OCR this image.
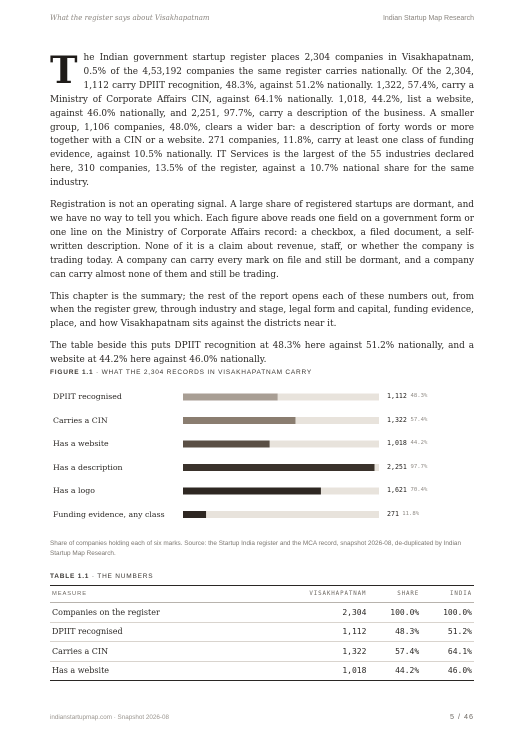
What the register says about Visakhapatnam	Indian Startup Map Research

The Indian government startup register places 2,304 companies in Visakhapatnam, 0.5% of the 4,53,192 companies the same register carries nationally. Of the 2,304, 1,112 carry DPIIT recognition, 48.3%, against 51.2% nationally. 1,322, 57.4%, carry a Ministry of Corporate Affairs CIN, against 64.1% nationally. 1,018, 44.2%, list a website, against 46.0% nationally, and 2,251, 97.7%, carry a description of the business. A smaller group, 1,106 companies, 48.0%, clears a wider bar: a description of forty words or more together with a CIN or a website. 271 companies, 11.8%, carry at least one class of funding evidence, against 10.5% nationally. IT Services is the largest of the 55 industries declared here, 310 companies, 13.5% of the register, against a 10.7% national share for the same industry.

Registration is not an operating signal. A large share of registered startups are dormant, and we have no way to tell you which. Each figure above reads one field on a government form or one line on the Ministry of Corporate Affairs record: a checkbox, a filed document, a self-written description. None of it is a claim about revenue, staff, or whether the company is trading today. A company can carry every mark on file and still be dormant, and a company can carry almost none of them and still be trading.

This chapter is the summary; the rest of the report opens each of these numbers out, from when the register grew, through industry and stage, legal form and capital, funding evidence, place, and how Visakhapatnam sits against the districts near it.

The table beside this puts DPIIT recognition at 48.3% here against 51.2% nationally, and a website at 44.2% here against 46.0% nationally.

FIGURE 1.1 · WHAT THE 2,304 RECORDS IN VISAKHAPATNAM CARRY
DPIIT recognised	1,112 48.3%
Carries a CIN	1,322 57.4%
Has a website	1,018 44.2%
Has a description	2,251 97.7%
Has a logo	1,621 70.4%
Funding evidence, any class	271 11.8%
Share of companies holding each of six marks. Source: the Startup India register and the MCA record, snapshot 2026-08, de-duplicated by Indian Startup Map Research.
TABLE 1.1 · THE NUMBERS
MEASURE	VISAKHAPATNAM	SHARE	INDIA
Companies on the register	2,304	100.0%	100.0%
DPIIT recognised	1,112	48.3%	51.2%
Carries a CIN	1,322	57.4%	64.1%
Has a website	1,018	44.2%	46.0%
indianstartupmap.com · Snapshot 2026-08	5 / 46
